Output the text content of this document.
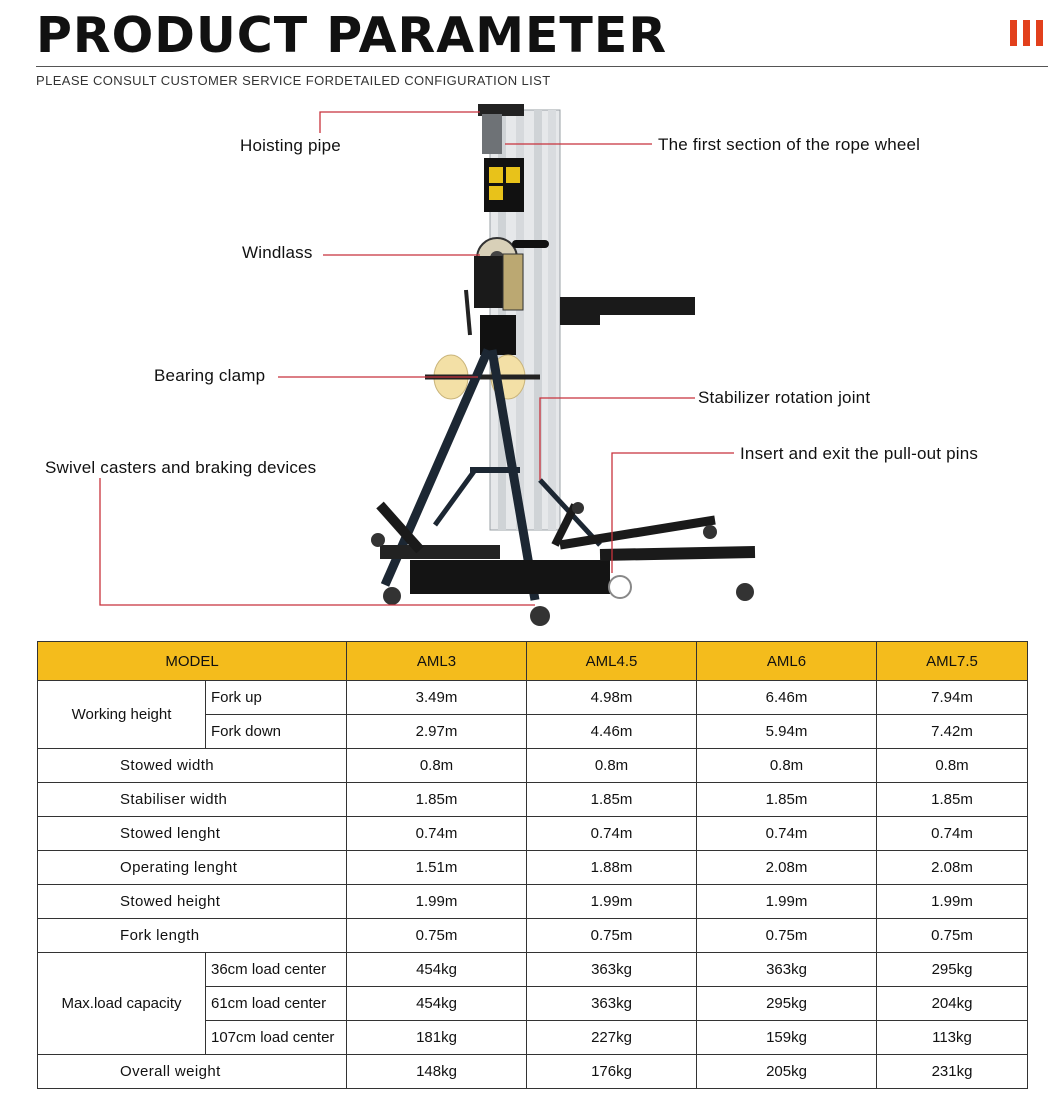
PRODUCT PARAMETER
PLEASE CONSULT CUSTOMER SERVICE FORDETAILED CONFIGURATION LIST
Hoisting pipe	The first section of the rope wheel
Windlass
Bearing clamp
Stabilizer rotation joint
Swivel casters and braking devices
Insert and exit the pull-out pins
MODEL		AML3	AML4.5	AML6	AML7.5
Working height	Fork up	3.49m	4.98m	6.46m	7.94m
	Fork down	2.97m	4.46m	5.94m	7.42m
Stowed width		0.8m	0.8m	0.8m	0.8m
Stabiliser width		1.85m	1.85m	1.85m	1.85m
Stowed lenght		0.74m	0.74m	0.74m	0.74m
Operating lenght		1.51m	1.88m	2.08m	2.08m
Stowed height		1.99m	1.99m	1.99m	1.99m
Fork length		0.75m	0.75m	0.75m	0.75m
Max.load capacity	36cm load center	454kg	363kg	363kg	295kg
	61cm load center	454kg	363kg	295kg	204kg
	107cm load center	181kg	227kg	159kg	113kg
Overall weight		148kg	176kg	205kg	231kg
